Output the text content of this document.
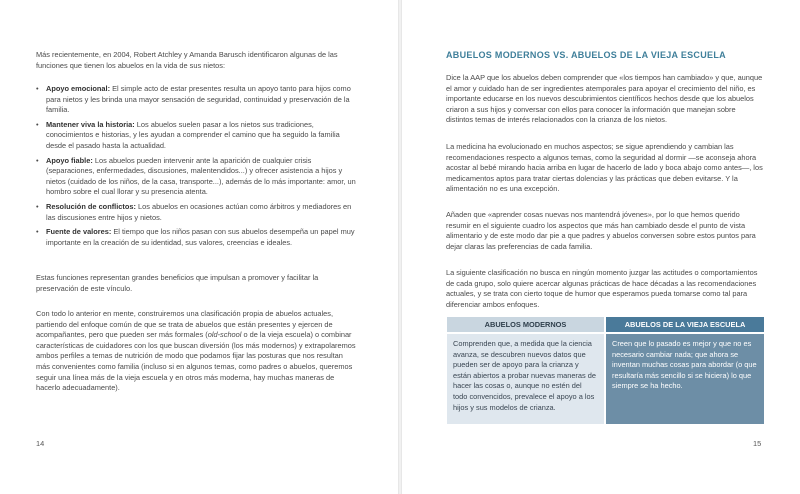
Más recientemente, en 2004, Robert Atchley y Amanda Barusch identificaron algunas de las funciones que tienen los abuelos en la vida de sus nietos:

• Apoyo emocional: El simple acto de estar presentes resulta un apoyo tanto para hijos como para nietos y les brinda una mayor sensación de seguridad, continuidad y preservación de la familia.
• Mantener viva la historia: Los abuelos suelen pasar a los nietos sus tradiciones, conocimientos e historias, y les ayudan a comprender el camino que ha seguido la familia desde el pasado hasta la actualidad.
• Apoyo fiable: Los abuelos pueden intervenir ante la aparición de cualquier crisis (separaciones, enfermedades, discusiones, malentendidos...) y ofrecer asistencia a hijos y nietos (cuidado de los niños, de la casa, transporte...), además de lo más importante: amor, un hombro sobre el cual llorar y su presencia atenta.
• Resolución de conflictos: Los abuelos en ocasiones actúan como árbitros y mediadores en las discusiones entre hijos y nietos.
• Fuente de valores: El tiempo que los niños pasan con sus abuelos desempeña un papel muy importante en la creación de su identidad, sus valores, creencias e ideales.

Estas funciones representan grandes beneficios que impulsan a promover y facilitar la preservación de este vínculo.

Con todo lo anterior en mente, construiremos una clasificación propia de abuelos actuales, partiendo del enfoque común de que se trata de abuelos que están presentes y ejercen de acompañantes, pero que pueden ser más formales (old-school o de la vieja escuela) o combinar características de cuidadores con los que buscan diversión (los más modernos) y extrapolaremos ambos perfiles a temas de nutrición de modo que podamos fijar las posturas que nos resultan más convenientes como familia (incluso si en algunos temas, como padres o abuelos, queremos seguir una línea más de la vieja escuela y en otros más moderna, hay muchas maneras de hacerlo adecuadamente).

14
ABUELOS MODERNOS VS. ABUELOS DE LA VIEJA ESCUELA

Dice la AAP que los abuelos deben comprender que «los tiempos han cambiado» y que, aunque el amor y cuidado han de ser ingredientes atemporales para apoyar el crecimiento del niño, es importante educarse en los nuevos descubrimientos científicos hechos desde que los abuelos criaron a sus hijos y conversar con ellos para conocer la información que manejan sobre distintos temas de interés relacionados con la crianza de los nietos.

La medicina ha evolucionado en muchos aspectos; se sigue aprendiendo y cambian las recomendaciones respecto a algunos temas, como la seguridad al dormir —se aconseja ahora acostar al bebé mirando hacia arriba en lugar de hacerlo de lado y boca abajo como antes—, los medicamentos aptos para tratar ciertas dolencias y las prácticas que deben evitarse. Y la alimentación no es una excepción.

Añaden que «aprender cosas nuevas nos mantendrá jóvenes», por lo que hemos querido resumir en el siguiente cuadro los aspectos que más han cambiado desde el punto de vista alimentario y de este modo dar pie a que padres y abuelos conversen sobre estos puntos para dejar claras las preferencias de cada familia.

La siguiente clasificación no busca en ningún momento juzgar las actitudes o comportamientos de cada grupo, solo quiere acercar algunas prácticas de hace décadas a las recomendaciones actuales, y se trata con cierto toque de humor que esperamos pueda tomarse como tal para diferenciar ambos enfoques.

ABUELOS MODERNOS	ABUELOS DE LA VIEJA ESCUELA

Comprenden que, a medida que la ciencia avanza, se descubren nuevos datos que pueden ser de apoyo para la crianza y están abiertos a probar nuevas maneras de hacer las cosas o, aunque no estén del todo convencidos, prevalece el apoyo a los hijos y sus modelos de crianza.

Creen que lo pasado es mejor y que no es necesario cambiar nada; que ahora se inventan muchas cosas para abordar (o que resultaría más sencillo si se hiciera) lo que siempre se ha hecho.

15
